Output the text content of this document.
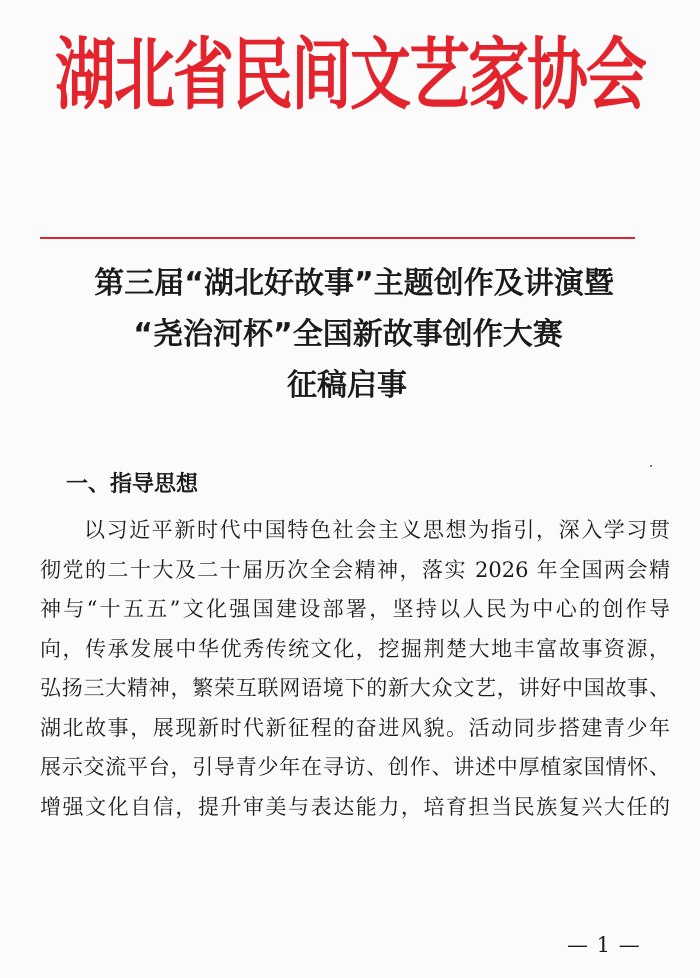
湖北省民间文艺家协会
第三届“湖北好故事”主题创作及讲演暨
“尧治河杯”全国新故事创作大赛
征稿启事
一、指导思想
以习近平新时代中国特色社会主义思想为指引，深入学习贯
彻党的二十大及二十届历次全会精神，落实 2026 年全国两会精
神与“十五五”文化强国建设部署，坚持以人民为中心的创作导
向，传承发展中华优秀传统文化，挖掘荆楚大地丰富故事资源，
弘扬三大精神，繁荣互联网语境下的新大众文艺，讲好中国故事、
湖北故事，展现新时代新征程的奋进风貌。活动同步搭建青少年
展示交流平台，引导青少年在寻访、创作、讲述中厚植家国情怀、
增强文化自信，提升审美与表达能力，培育担当民族复兴大任的
— 1 —
